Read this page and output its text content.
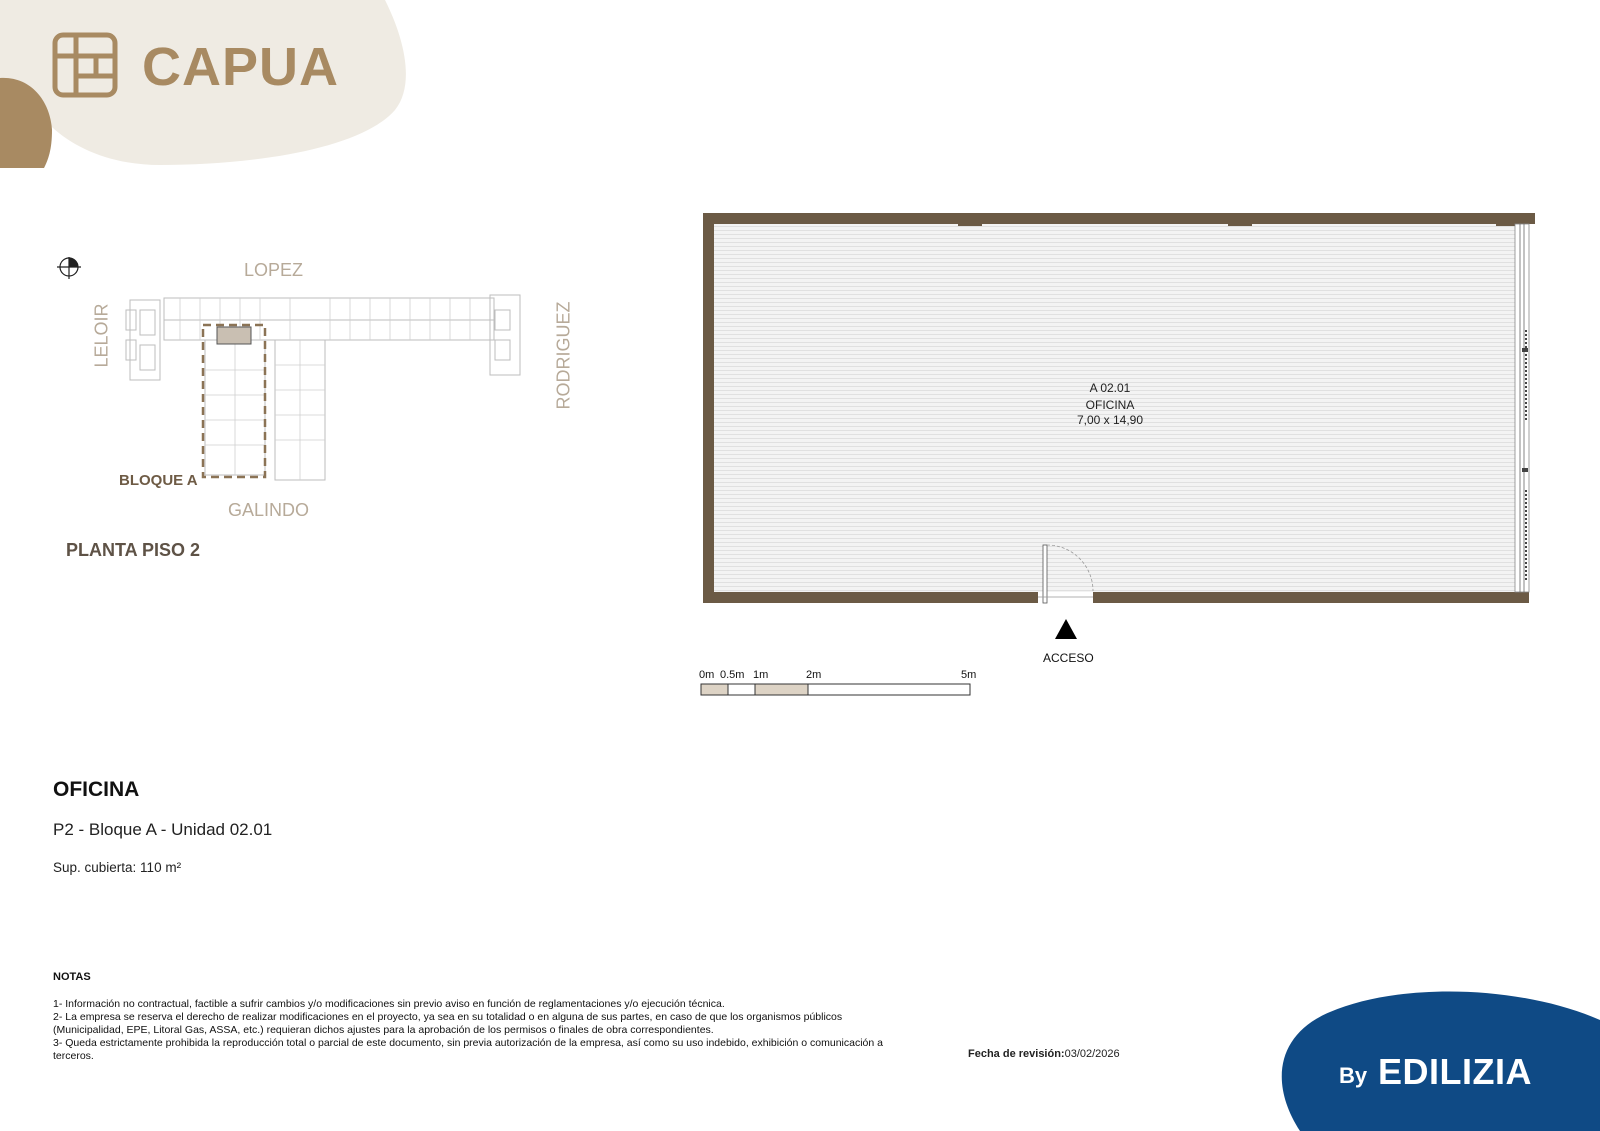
CAPUA
LOPEZ
LELOIR	RODRIGUEZ
GALINDO
BLOQUE A
PLANTA PISO 2
A 02.01
OFICINA
7,00 x 14,90
ACCESO
0m 0.5m 1m	2m	5m
OFICINA
P2 - Bloque A - Unidad 02.01
Sup. cubierta: 110 m²
NOTAS
1- Información no contractual, factible a sufrir cambios y/o modificaciones sin previo aviso en función de reglamentaciones y/o ejecución técnica.
2- La empresa se reserva el derecho de realizar modificaciones en el proyecto, ya sea en su totalidad o en alguna de sus partes, en caso de que los organismos públicos (Municipalidad, EPE, Litoral Gas, ASSA, etc.) requieran dichos ajustes para la aprobación de los permisos o finales de obra correspondientes.
3- Queda estrictamente prohibida la reproducción total o parcial de este documento, sin previa autorización de la empresa, así como su uso indebido, exhibición o comunicación a terceros.	Fecha de revisión:03/02/2026
By EDILIZIA
